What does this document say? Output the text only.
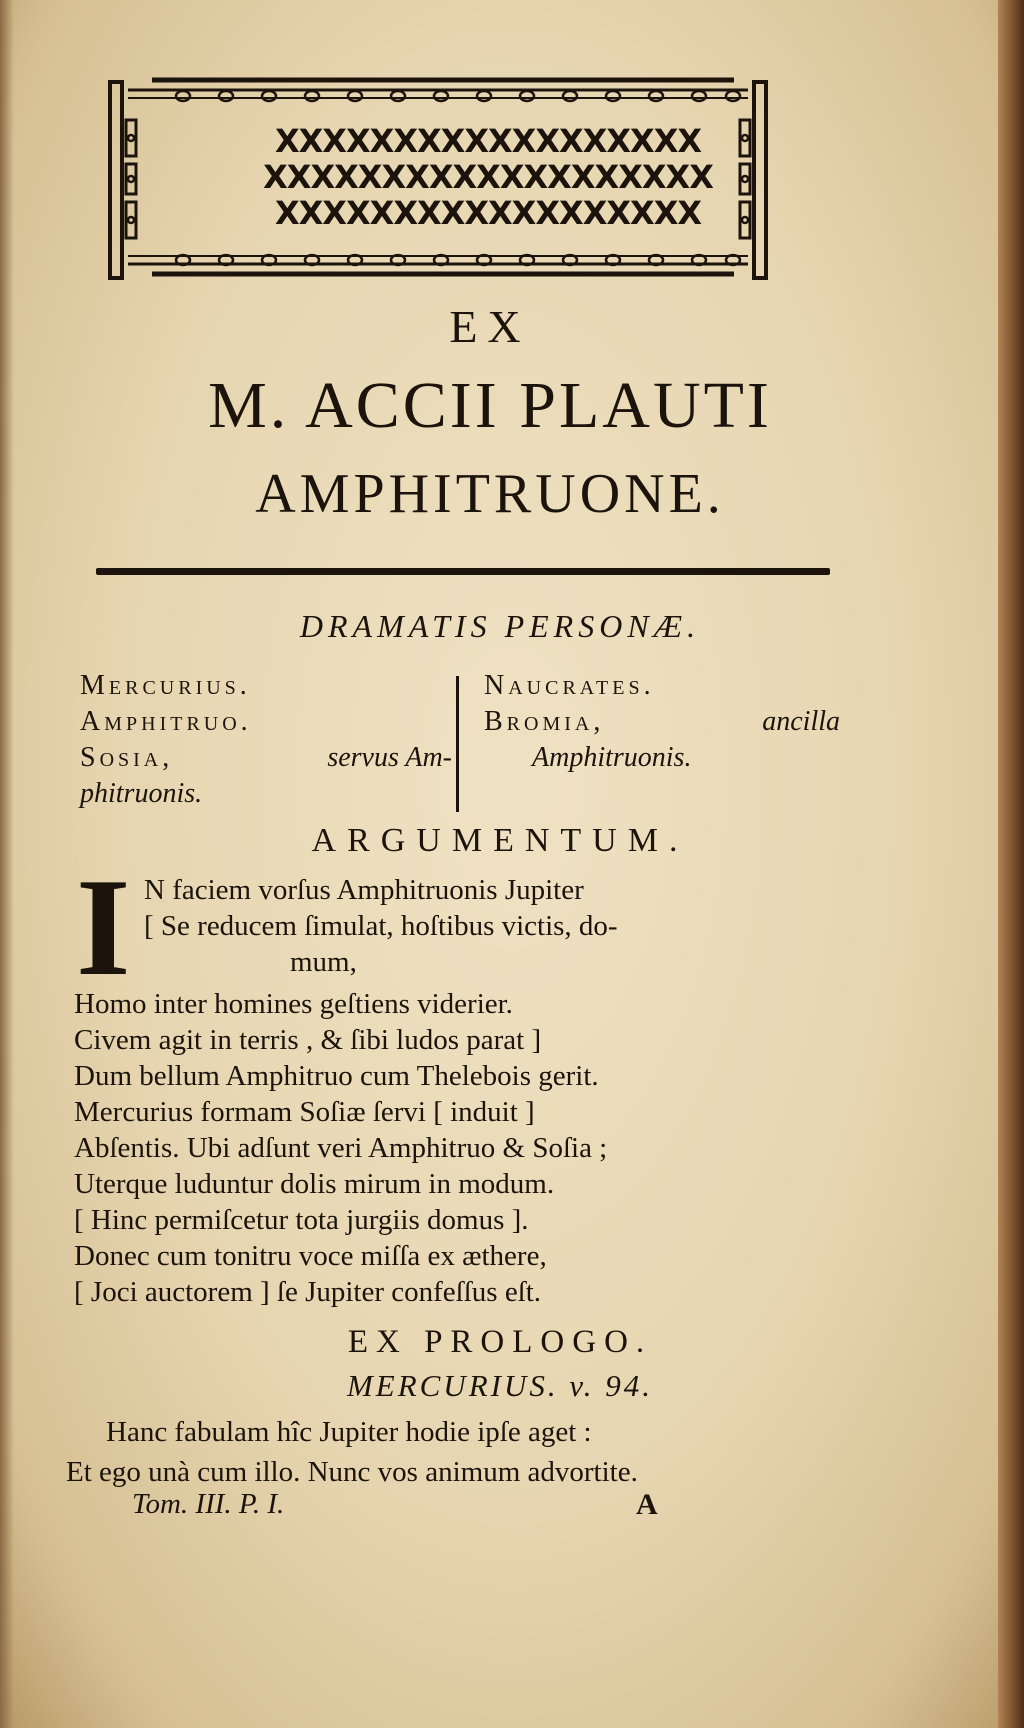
XXXXXXXXXXXXXXXXXX
XXXXXXXXXXXXXXXXXXX
XXXXXXXXXXXXXXXXXX
EX
M. ACCII PLAUTI
AMPHITRUONE.
DRAMATIS PERSONÆ.
Mercurius.
Amphitruo.
Sosia,	servus Am-
phitruonis.
Naucrates.
Bromia,	ancilla
Amphitruonis.
ARGUMENTUM.
I N faciem vorſus Amphitruonis Jupiter
[ Se reducem ſimulat, hoſtibus victis, do-
mum,
Homo inter homines geſtiens viderier.
Civem agit in terris , & ſibi ludos parat ]
Dum bellum Amphitruo cum Thelebois gerit.
Mercurius formam Soſiæ ſervi [ induit ]
Abſentis. Ubi adſunt veri Amphitruo & Soſia ;
Uterque luduntur dolis mirum in modum.
[ Hinc permiſcetur tota jurgiis domus ].
Donec cum tonitru voce miſſa ex æthere,
[ Joci auctorem ] ſe Jupiter confeſſus eſt.
EX PROLOGO.
MERCURIUS. v. 94.
Hanc fabulam hîc Jupiter hodie ipſe aget :
Et ego unà cum illo. Nunc vos animum advortite.
Tom. III. P. I.	A
